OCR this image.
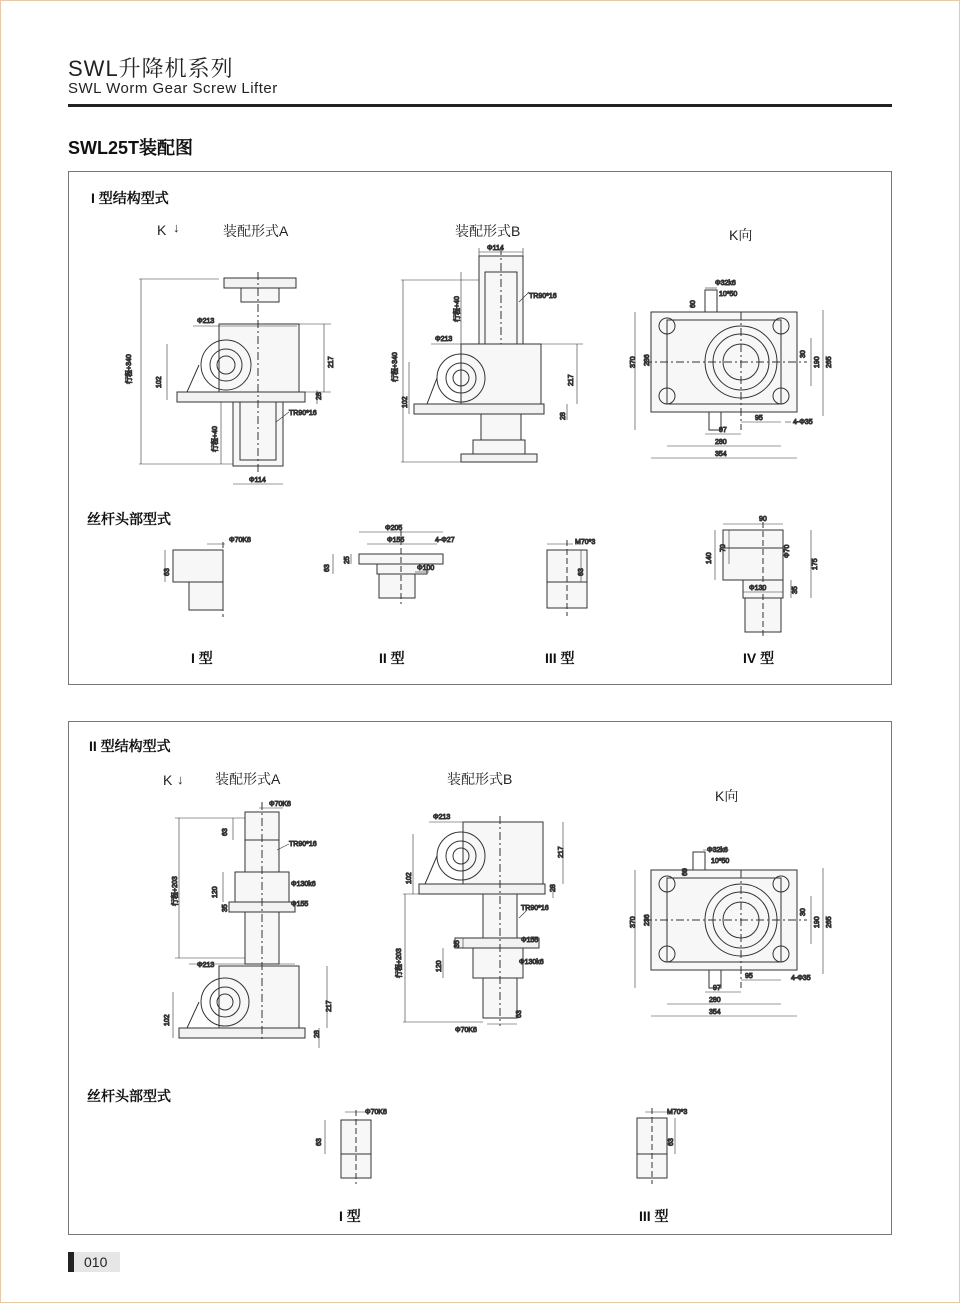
SWL升降机系列
SWL Worm Gear Screw Lifter
SWL25T装配图
Φ213
行程+340	102
217
28
TR90*16
行程+40
Φ114
Φ114
TR90*16
行程+40
Φ213
行程+340
102
217
28
Φ32k6
10*50
60
370 236
30
190 265
95
4-Φ35
97
280
354
Φ70K6
63
Φ205
Φ155	4-Φ27
25
63	Φ100
M70*3
63
90
70
140
Φ70
175
Φ130	35
I 型结构型式
K ↓	装配形式A	装配形式B	K向
丝杆头部型式
I 型	II 型	III 型	IV 型
Φ70K6
63
TR90*16
行程+203	120
Φ130k6
35	Φ155
Φ213
102
217
28
Φ213
102
217
28
TR90*16
35	Φ155
行程+203	120	Φ130k6
63
Φ70K6
Φ32k6
10*50
60
370 236
30
190 265
95	4-Φ35
97
280
354
Φ70K6
63
M70*3
63
II 型结构型式
K ↓ 装配形式A	装配形式B
K向
丝杆头部型式
I 型	III 型
010
